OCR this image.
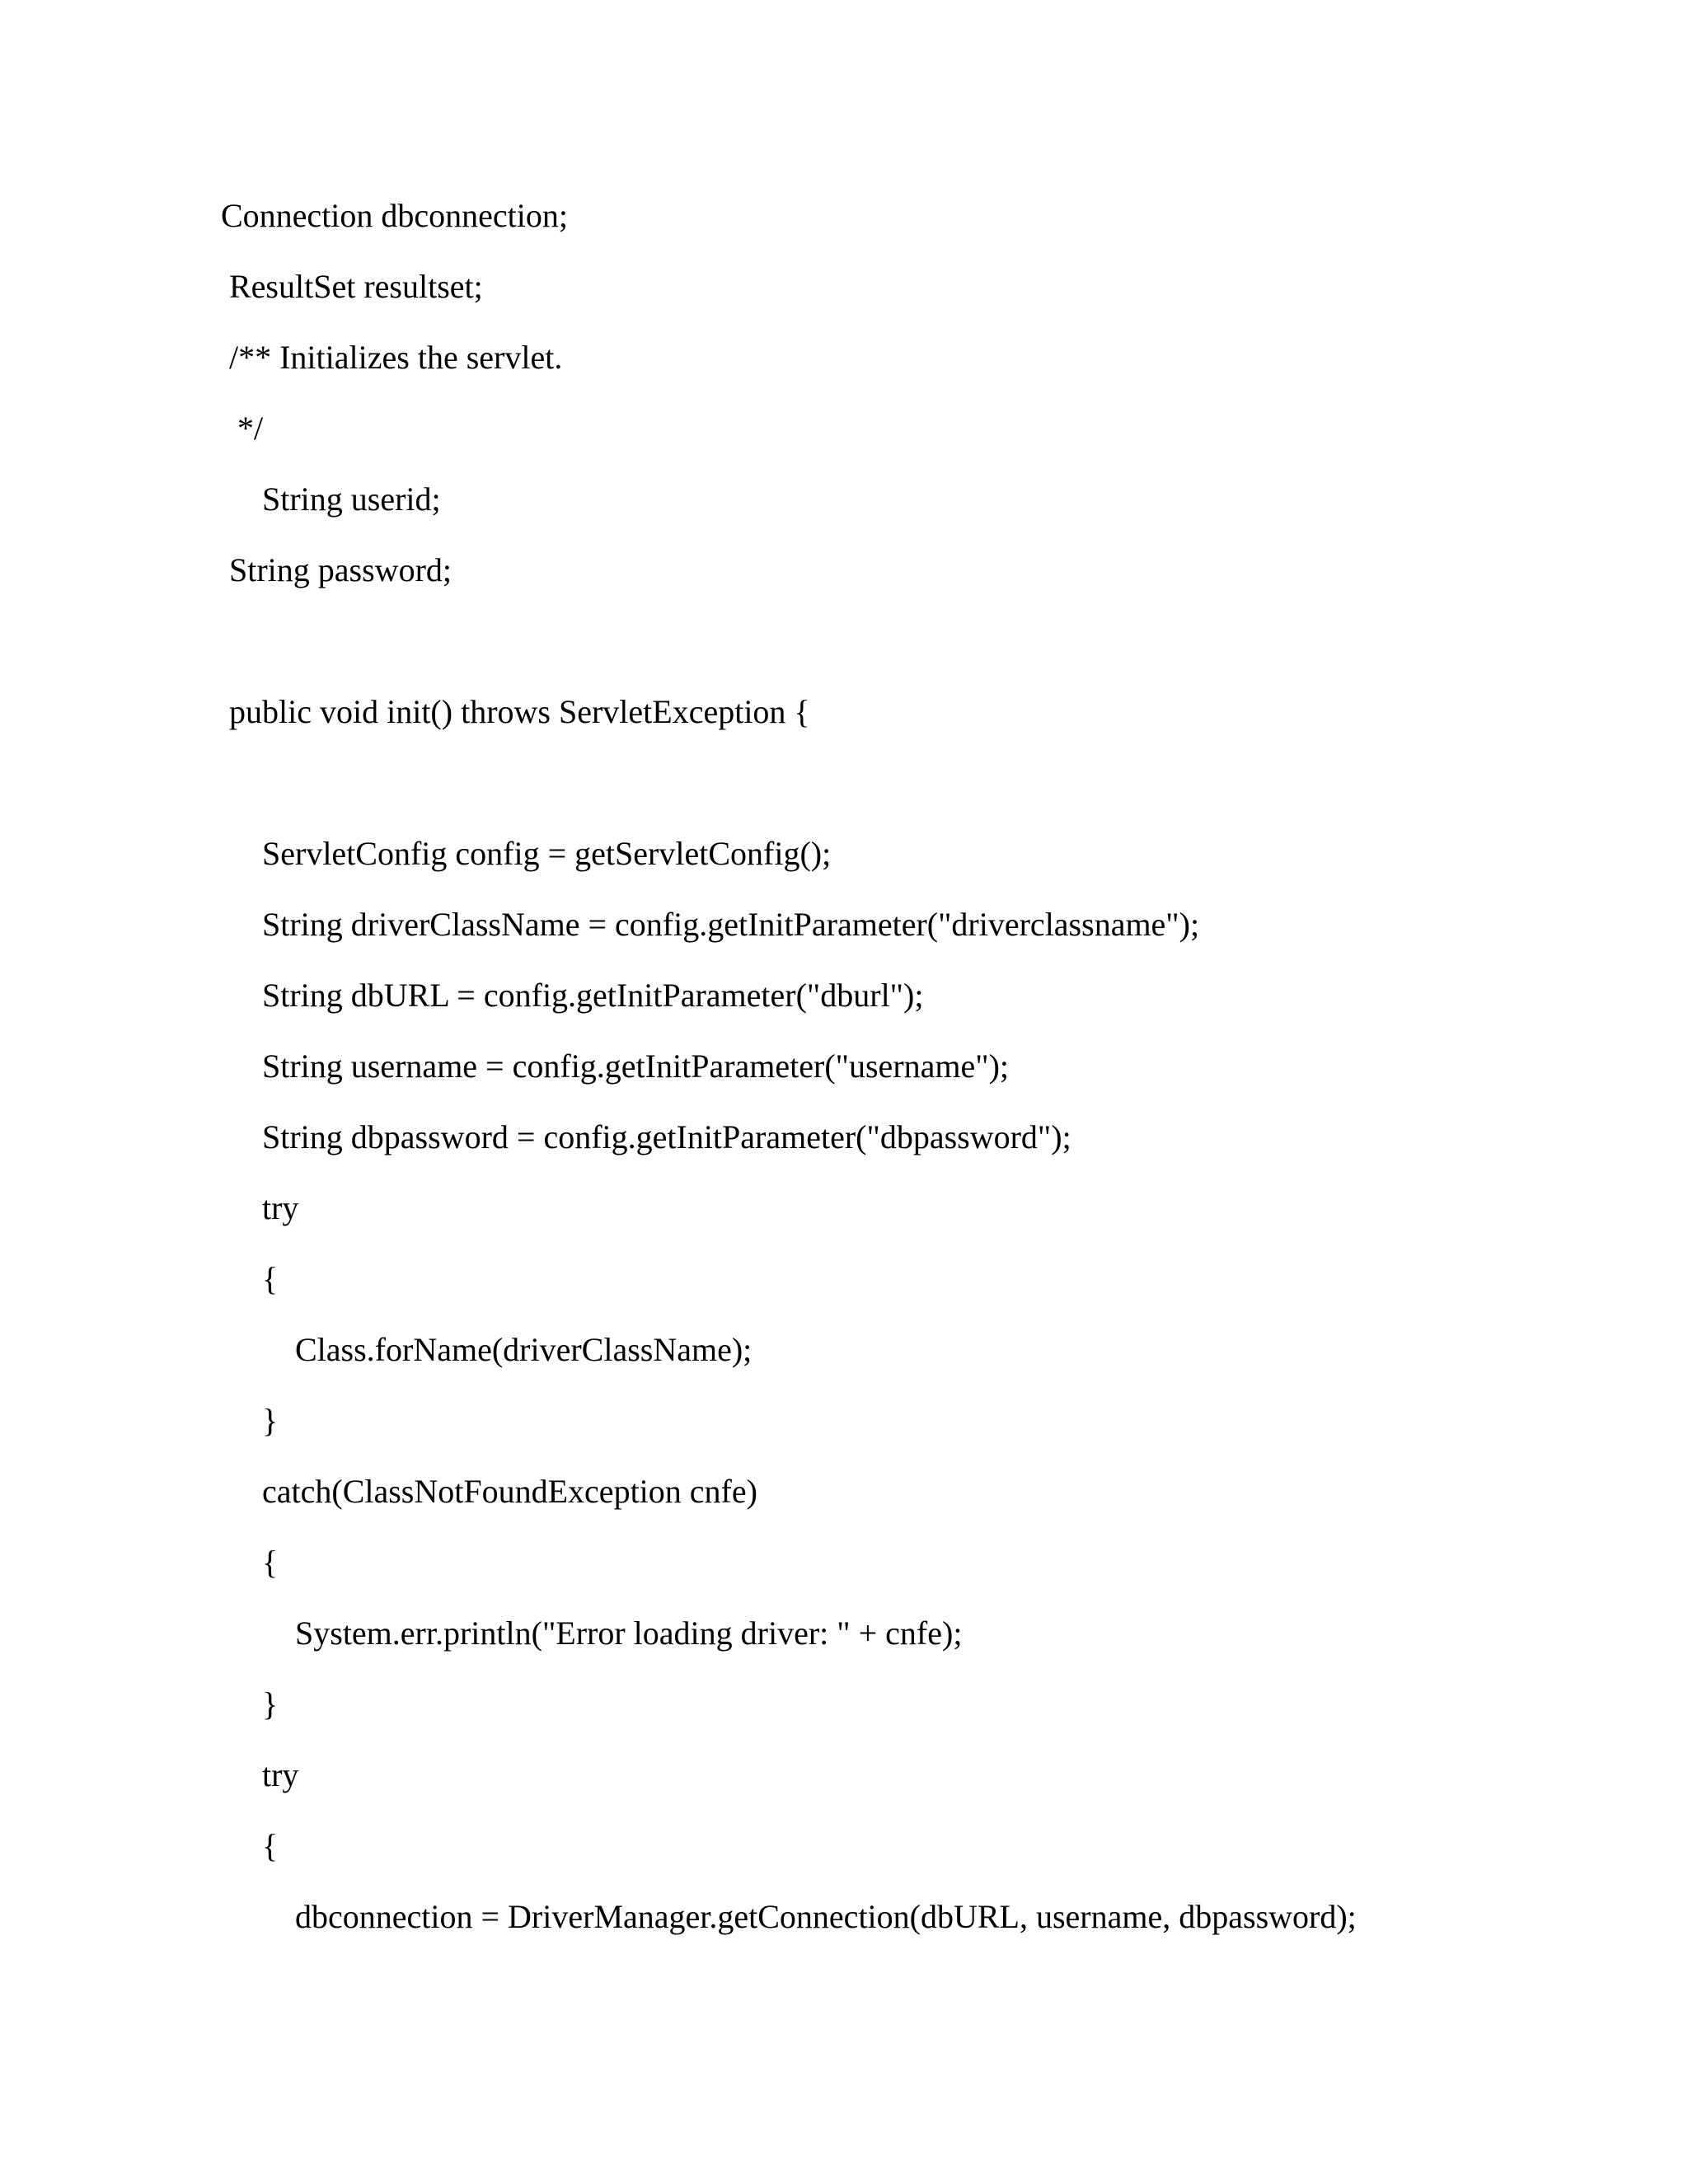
Connection dbconnection;

ResultSet resultset;

/** Initializes the servlet.

*/

String userid;

String password;

public void init() throws ServletException {

ServletConfig config = getServletConfig();

String driverClassName = config.getInitParameter("driverclassname");

String dbURL = config.getInitParameter("dburl");

String username = config.getInitParameter("username");

String dbpassword = config.getInitParameter("dbpassword");

try

{

Class.forName(driverClassName);

}

catch(ClassNotFoundException cnfe)

{

System.err.println("Error loading driver: " + cnfe);

}

try

{

dbconnection = DriverManager.getConnection(dbURL, username, dbpassword);
